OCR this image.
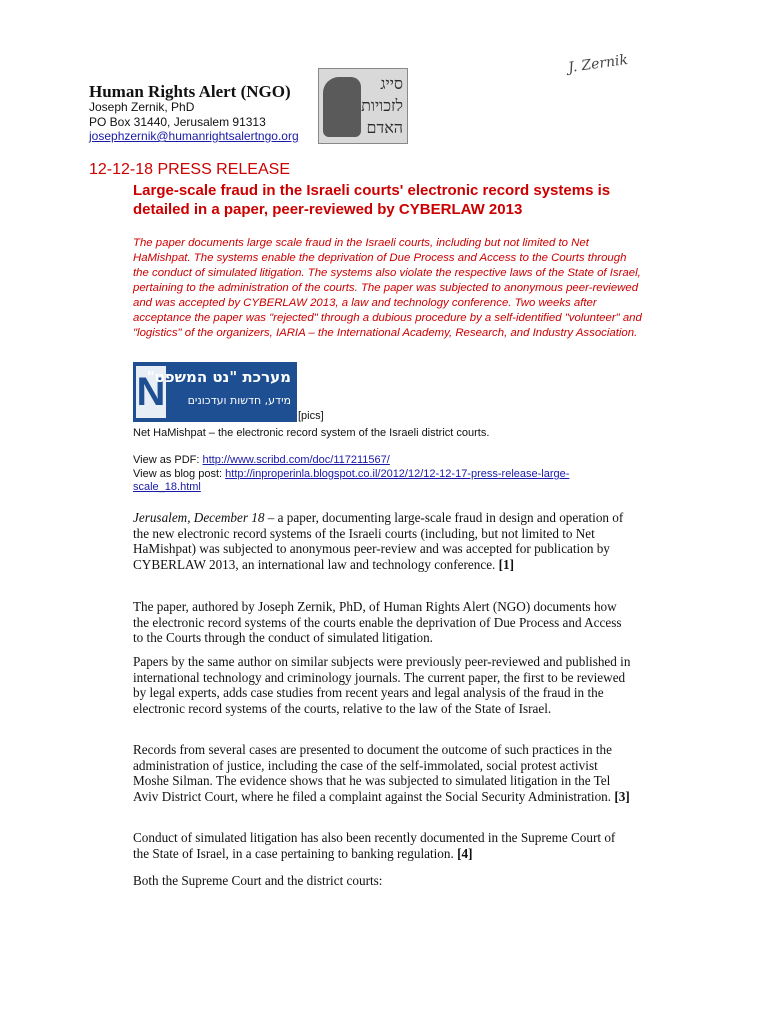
J. Zernik
Human Rights Alert (NGO)
Joseph Zernik, PhD
PO Box 31440, Jerusalem 91313
josephzernik@humanrightsalertngo.org
סייג לזכויות האדם
12-12-18 PRESS RELEASE
Large-scale fraud in the Israeli courts' electronic record systems is detailed in a paper, peer-reviewed by CYBERLAW 2013
The paper documents large scale fraud in the Israeli courts, including but not limited to Net HaMishpat. The systems enable the deprivation of Due Process and Access to the Courts through the conduct of simulated litigation. The systems also violate the respective laws of the State of Israel, pertaining to the administration of the courts. The paper was subjected to anonymous peer-reviewed and was accepted by CYBERLAW 2013, a law and technology conference. Two weeks after acceptance the paper was "rejected" through a dubious procedure by a self-identified "volunteer" and "logistics" of the organizers, IARIA – the International Academy, Research, and Industry Association.
N
מערכת "נט המשפט"
מידע, חדשות ועדכונים
[pics]
Net HaMishpat – the electronic record system of the Israeli district courts.
View as PDF: http://www.scribd.com/doc/117211567/
View as blog post: http://inproperinla.blogspot.co.il/2012/12/12-12-17-press-release-large-scale_18.html

Jerusalem, December 18 – a paper, documenting large-scale fraud in design and operation of the new electronic record systems of the Israeli courts (including, but not limited to Net HaMishpat) was subjected to anonymous peer-review and was accepted for publication by CYBERLAW 2013, an international law and technology conference. [1]

The paper, authored by Joseph Zernik, PhD, of Human Rights Alert (NGO) documents how the electronic record systems of the courts enable the deprivation of Due Process and Access to the Courts through the conduct of simulated litigation.

Papers by the same author on similar subjects were previously peer-reviewed and published in international technology and criminology journals. The current paper, the first to be reviewed by legal experts, adds case studies from recent years and legal analysis of the fraud in the electronic record systems of the courts, relative to the law of the State of Israel.

Records from several cases are presented to document the outcome of such practices in the administration of justice, including the case of the self-immolated, social protest activist Moshe Silman. The evidence shows that he was subjected to simulated litigation in the Tel Aviv District Court, where he filed a complaint against the Social Security Administration. [3]

Conduct of simulated litigation has also been recently documented in the Supreme Court of the State of Israel, in a case pertaining to banking regulation. [4]

Both the Supreme Court and the district courts:
